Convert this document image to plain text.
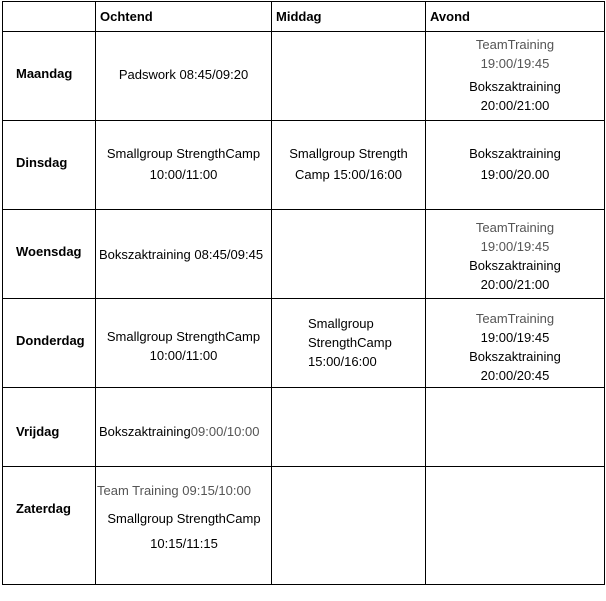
Ochtend	Middag	Avond
Maandag
Dinsdag
Woensdag
Donderdag
Vrijdag
Zaterdag
Padswork 08:45/09:20
TeamTraining
19:00/19:45
Bokszaktraining
20:00/21:00
Smallgroup StrengthCamp
10:00/11:00
Smallgroup Strength
Camp 15:00/16:00
Bokszaktraining
19:00/20.00
Bokszaktraining 08:45/09:45
TeamTraining
19:00/19:45
Bokszaktraining
20:00/21:00
Smallgroup StrengthCamp
10:00/11:00
Smallgroup
StrengthCamp
15:00/16:00
TeamTraining
19:00/19:45
Bokszaktraining
20:00/20:45
Bokszaktraining09:00/10:00
Team Training 09:15/10:00
Smallgroup StrengthCamp
10:15/11:15
